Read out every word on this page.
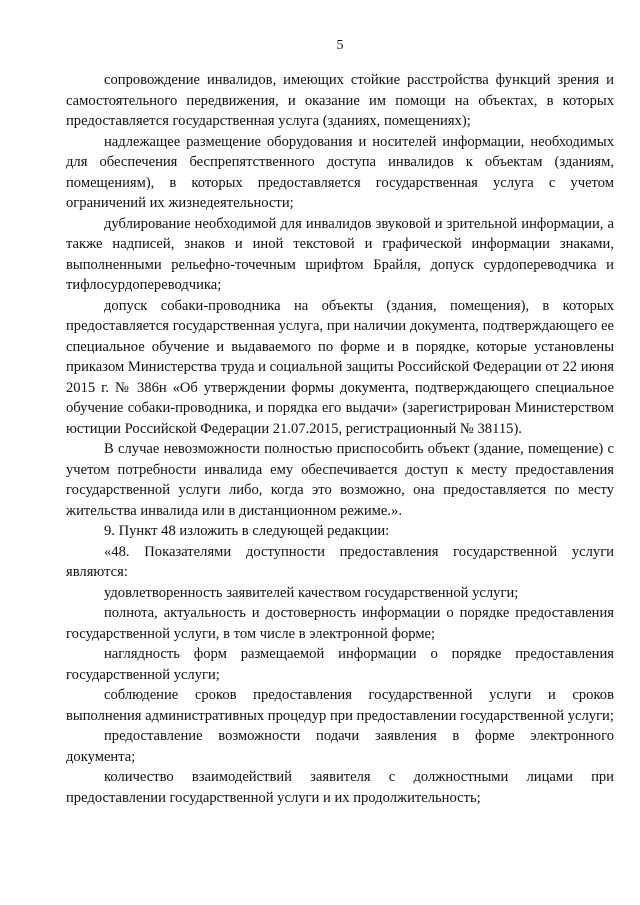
5

сопровождение инвалидов, имеющих стойкие расстройства функций зрения и самостоятельного передвижения, и оказание им помощи на объектах, в которых предоставляется государственная услуга (зданиях, помещениях);

надлежащее размещение оборудования и носителей информации, необходимых для обеспечения беспрепятственного доступа инвалидов к объектам (зданиям, помещениям), в которых предоставляется государственная услуга с учетом ограничений их жизнедеятельности;

дублирование необходимой для инвалидов звуковой и зрительной информации, а также надписей, знаков и иной текстовой и графической информации знаками, выполненными рельефно-точечным шрифтом Брайля, допуск сурдопереводчика и тифлосурдопереводчика;

допуск собаки-проводника на объекты (здания, помещения), в которых предоставляется государственная услуга, при наличии документа, подтверждающего ее специальное обучение и выдаваемого по форме и в порядке, которые установлены приказом Министерства труда и социальной защиты Российской Федерации от 22 июня 2015 г. № 386н «Об утверждении формы документа, подтверждающего специальное обучение собаки-проводника, и порядка его выдачи» (зарегистрирован Министерством юстиции Российской Федерации 21.07.2015, регистрационный № 38115).

В случае невозможности полностью приспособить объект (здание, помещение) с учетом потребности инвалида ему обеспечивается доступ к месту предоставления государственной услуги либо, когда это возможно, она предоставляется по месту жительства инвалида или в дистанционном режиме.».

9. Пункт 48 изложить в следующей редакции:

«48. Показателями доступности предоставления государственной услуги являются:

удовлетворенность заявителей качеством государственной услуги;

полнота, актуальность и достоверность информации о порядке предоставления государственной услуги, в том числе в электронной форме;

наглядность форм размещаемой информации о порядке предоставления государственной услуги;

соблюдение сроков предоставления государственной услуги и сроков выполнения административных процедур при предоставлении государственной услуги;

предоставление возможности подачи заявления в форме электронного документа;

количество взаимодействий заявителя с должностными лицами при предоставлении государственной услуги и их продолжительность;
